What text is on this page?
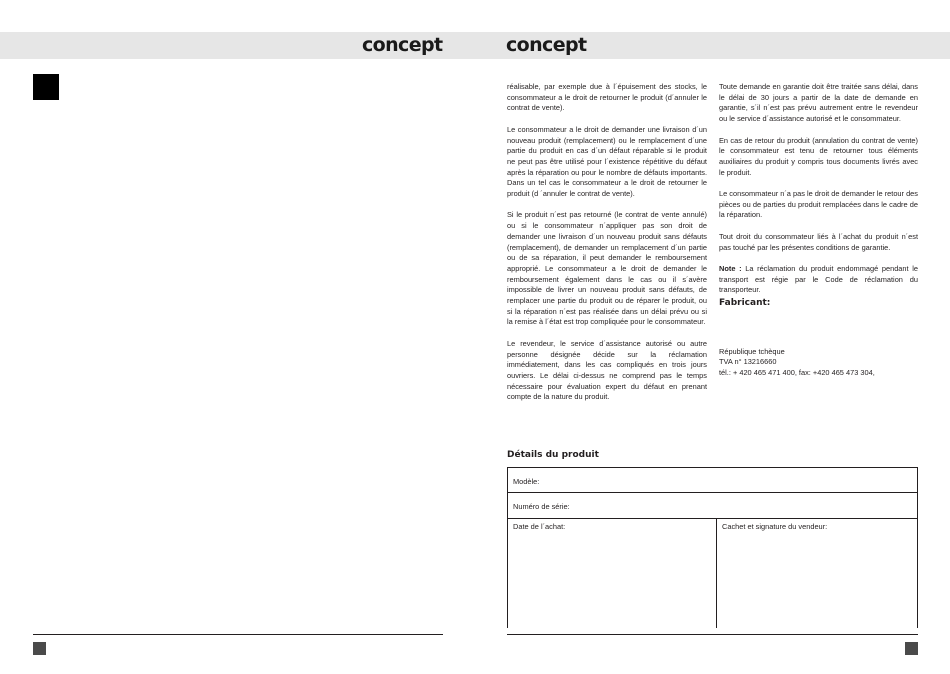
concept	concept

réalisable, par exemple due à l´épuisement des stocks, le consommateur a le droit de retourner le produit (d´annuler le contrat de vente).

Le consommateur a le droit de demander une livraison d´un nouveau produit (remplacement) ou le remplacement d´une partie du produit en cas d´un défaut réparable si le produit ne peut pas être utilisé pour l´existence répétitive du défaut après la réparation ou pour le nombre de défauts importants. Dans un tel cas le consommateur a le droit de retourner le produit (d ´annuler le contrat de vente).

Si le produit n´est pas retourné (le contrat de vente annulé) ou si le consommateur n´appliquer pas son droit de demander une livraison d´un nouveau produit sans défauts (remplacement), de demander un remplacement d´un partie ou de sa réparation, il peut demander le remboursement approprié. Le consommateur a le droit de demander le remboursement également dans le cas ou il s´avère impossible de livrer un nouveau produit sans défauts, de remplacer une partie du produit ou de réparer le produit, ou si la réparation n´est pas réalisée dans un délai prévu ou si la remise à l´état est trop compliquée pour le consommateur.

Le revendeur, le service d´assistance autorisé ou autre personne désignée décide sur la réclamation immédiatement, dans les cas compliqués en trois jours ouvriers. Le délai ci-dessus ne comprend pas le temps nécessaire pour évaluation expert du défaut en prenant compte de la nature du produit.

Toute demande en garantie doit être traitée sans délai, dans le délai de 30 jours a partir de la date de demande en garantie, s´il n´est pas prévu autrement entre le revendeur ou le service d´assistance autorisé et le consommateur.

En cas de retour du produit (annulation du contrat de vente) le consommateur est tenu de retourner tous éléments auxiliaires du produit y compris tous documents livrés avec le produit.

Le consommateur n´a pas le droit de demander le retour des pièces ou de parties du produit remplacées dans le cadre de la réparation.

Tout droit du consommateur liés à l´achat du produit n´est pas touché par les présentes conditions de garantie.

Note : La réclamation du produit endommagé pendant le transport est régie par le Code de réclamation du transporteur.

Fabricant:

République tchèque
TVA n° 13216660
tél.: + 420 465 471 400, fax: +420 465 473 304,
Détails du produit
Modèle:
Numéro de série:
Date de l´achat:	Cachet et signature du vendeur:
